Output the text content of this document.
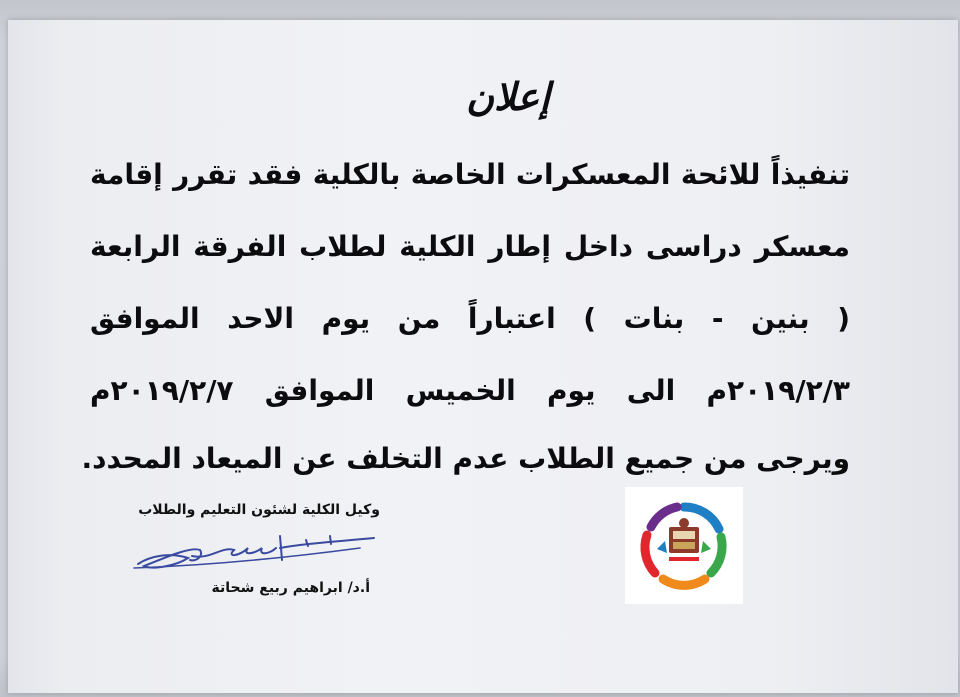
إعلان
تنفيذاً للائحة المعسكرات الخاصة بالكلية فقد تقرر إقامة
معسكر دراسى داخل إطار الكلية لطلاب الفرقة الرابعة
( بنين - بنات ) اعتباراً من يوم الاحد الموافق
٢٠١٩/٢/٣م الى يوم الخميس الموافق ٢٠١٩/٢/٧م
ويرجى من جميع الطلاب عدم التخلف عن الميعاد المحدد.
وكيل الكلية لشئون التعليم والطلاب
أ.د/ ابراهيم ربيع شحاتة
